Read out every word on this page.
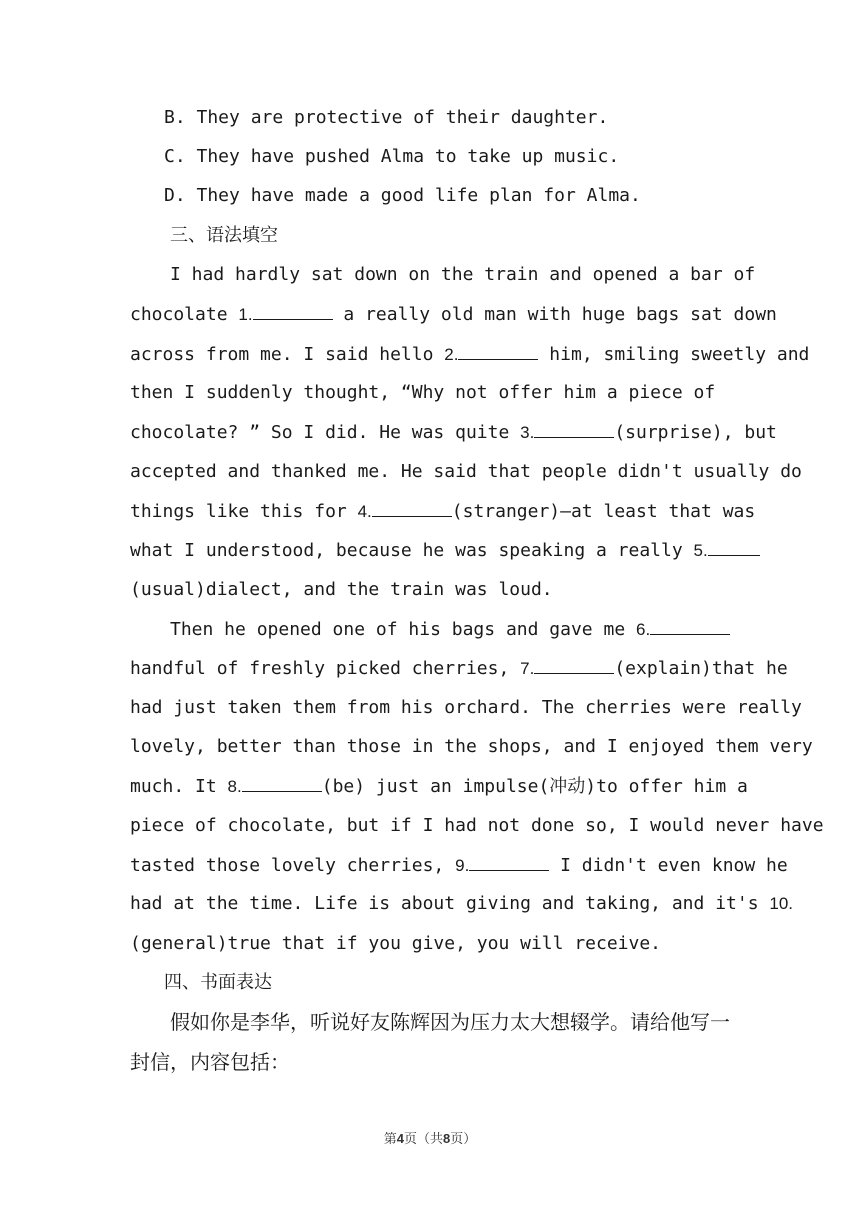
B. They are protective of their daughter.
C. They have pushed Alma to take up music.
D. They have made a good life plan for Alma.
三、语法填空
I had hardly sat down on the train and opened a bar of
chocolate 1.	a really old man with huge bags sat down
across from me. I said hello 2.	him, smiling sweetly and
then I suddenly thought, “Why not offer him a piece of
chocolate? ” So I did. He was quite 3.	(surprise), but
accepted and thanked me. He said that people didn't usually do
things like this for 4.	(stranger)—at least that was
what I understood, because he was speaking a really 5.
(usual)dialect, and the train was loud.
Then he opened one of his bags and gave me 6.
handful of freshly picked cherries, 7.	(explain)that he
had just taken them from his orchard. The cherries were really
lovely, better than those in the shops, and I enjoyed them very
much. It 8.	(be) just an impulse(冲动)to offer him a
piece of chocolate, but if I had not done so, I would never have
tasted those lovely cherries, 9.	I didn't even know he
had at the time. Life is about giving and taking, and it's 10.
(general)true that if you give, you will receive.
四、书面表达
假如你是李华，听说好友陈辉因为压力太大想辍学。请给他写一
封信，内容包括：
第4页（共8页）
